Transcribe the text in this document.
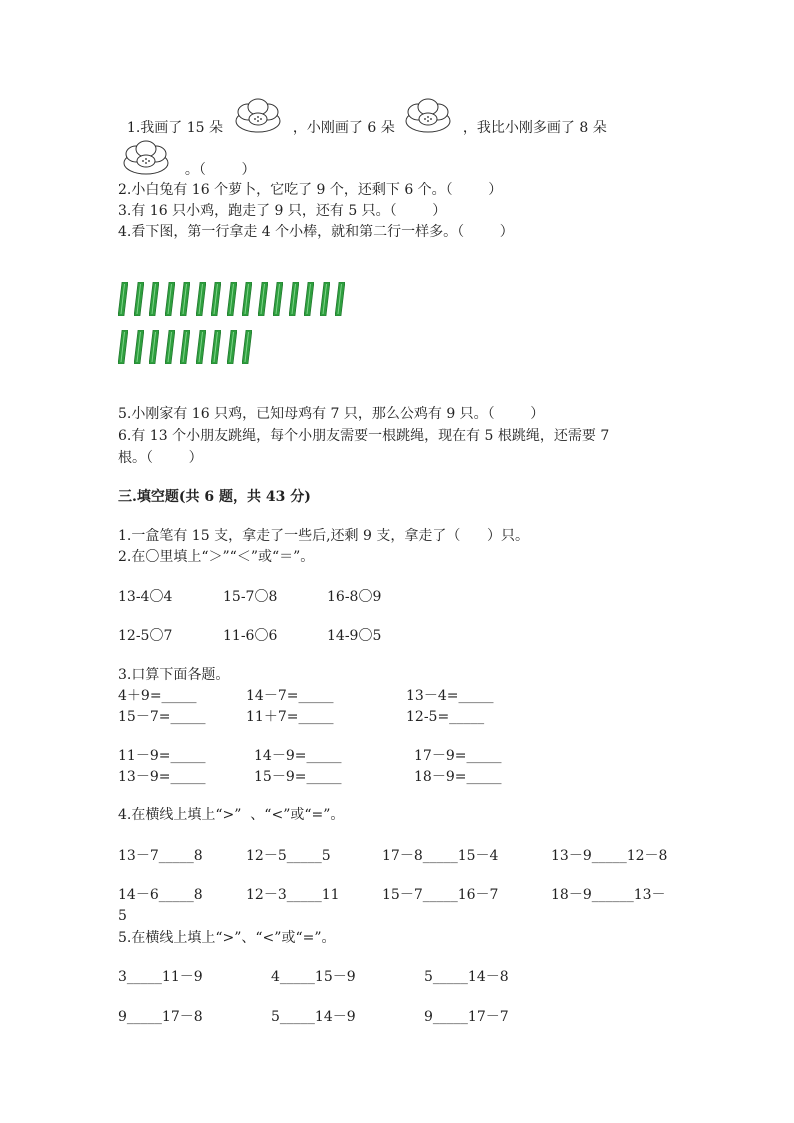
1.我画了 15 朵	，小刚画了 6 朵	，我比小刚多画了 8 朵

。（        ）

2.小白兔有 16 个萝卜，它吃了 9 个，还剩下 6 个。（        ）
3.有 16 只小鸡，跑走了 9 只，还有 5 只。（        ）
4.看下图，第一行拿走 4 个小棒，就和第二行一样多。（        ）
5.小刚家有 16 只鸡，已知母鸡有 7 只，那么公鸡有 9 只。（        ）
6.有 13 个小朋友跳绳，每个小朋友需要一根跳绳，现在有 5 根跳绳，还需要 7
根。（        ）
三.填空题(共 6 题，共 43 分)
1.一盒笔有 15 支，拿走了一些后,还剩 9 支，拿走了（      ）只。
2.在〇里填上“＞”“＜”或“＝”。
13-4〇4	15-7〇8	16-8〇9
12-5〇7	11-6〇6	14-9〇5
3.口算下面各题。
4＋9=_____	14－7=_____	13－4=_____
15－7=_____	11＋7=_____	12-5=_____
11－9=_____	14－9=_____	17－9=_____
13－9=_____	15－9=_____	18－9=_____
4.在横线上填上“>”  、“<”或“=”。
13－7_____8	12－5_____5	17－8_____15－4	13－9_____12－8
14－6_____8	12－3_____11	15－7_____16－7	18－9______13－
5
5.在横线上填上“>”、“<”或“=”。
3_____11－9	4_____15－9	5_____14－8
9_____17－8	5_____14－9	9_____17－7
